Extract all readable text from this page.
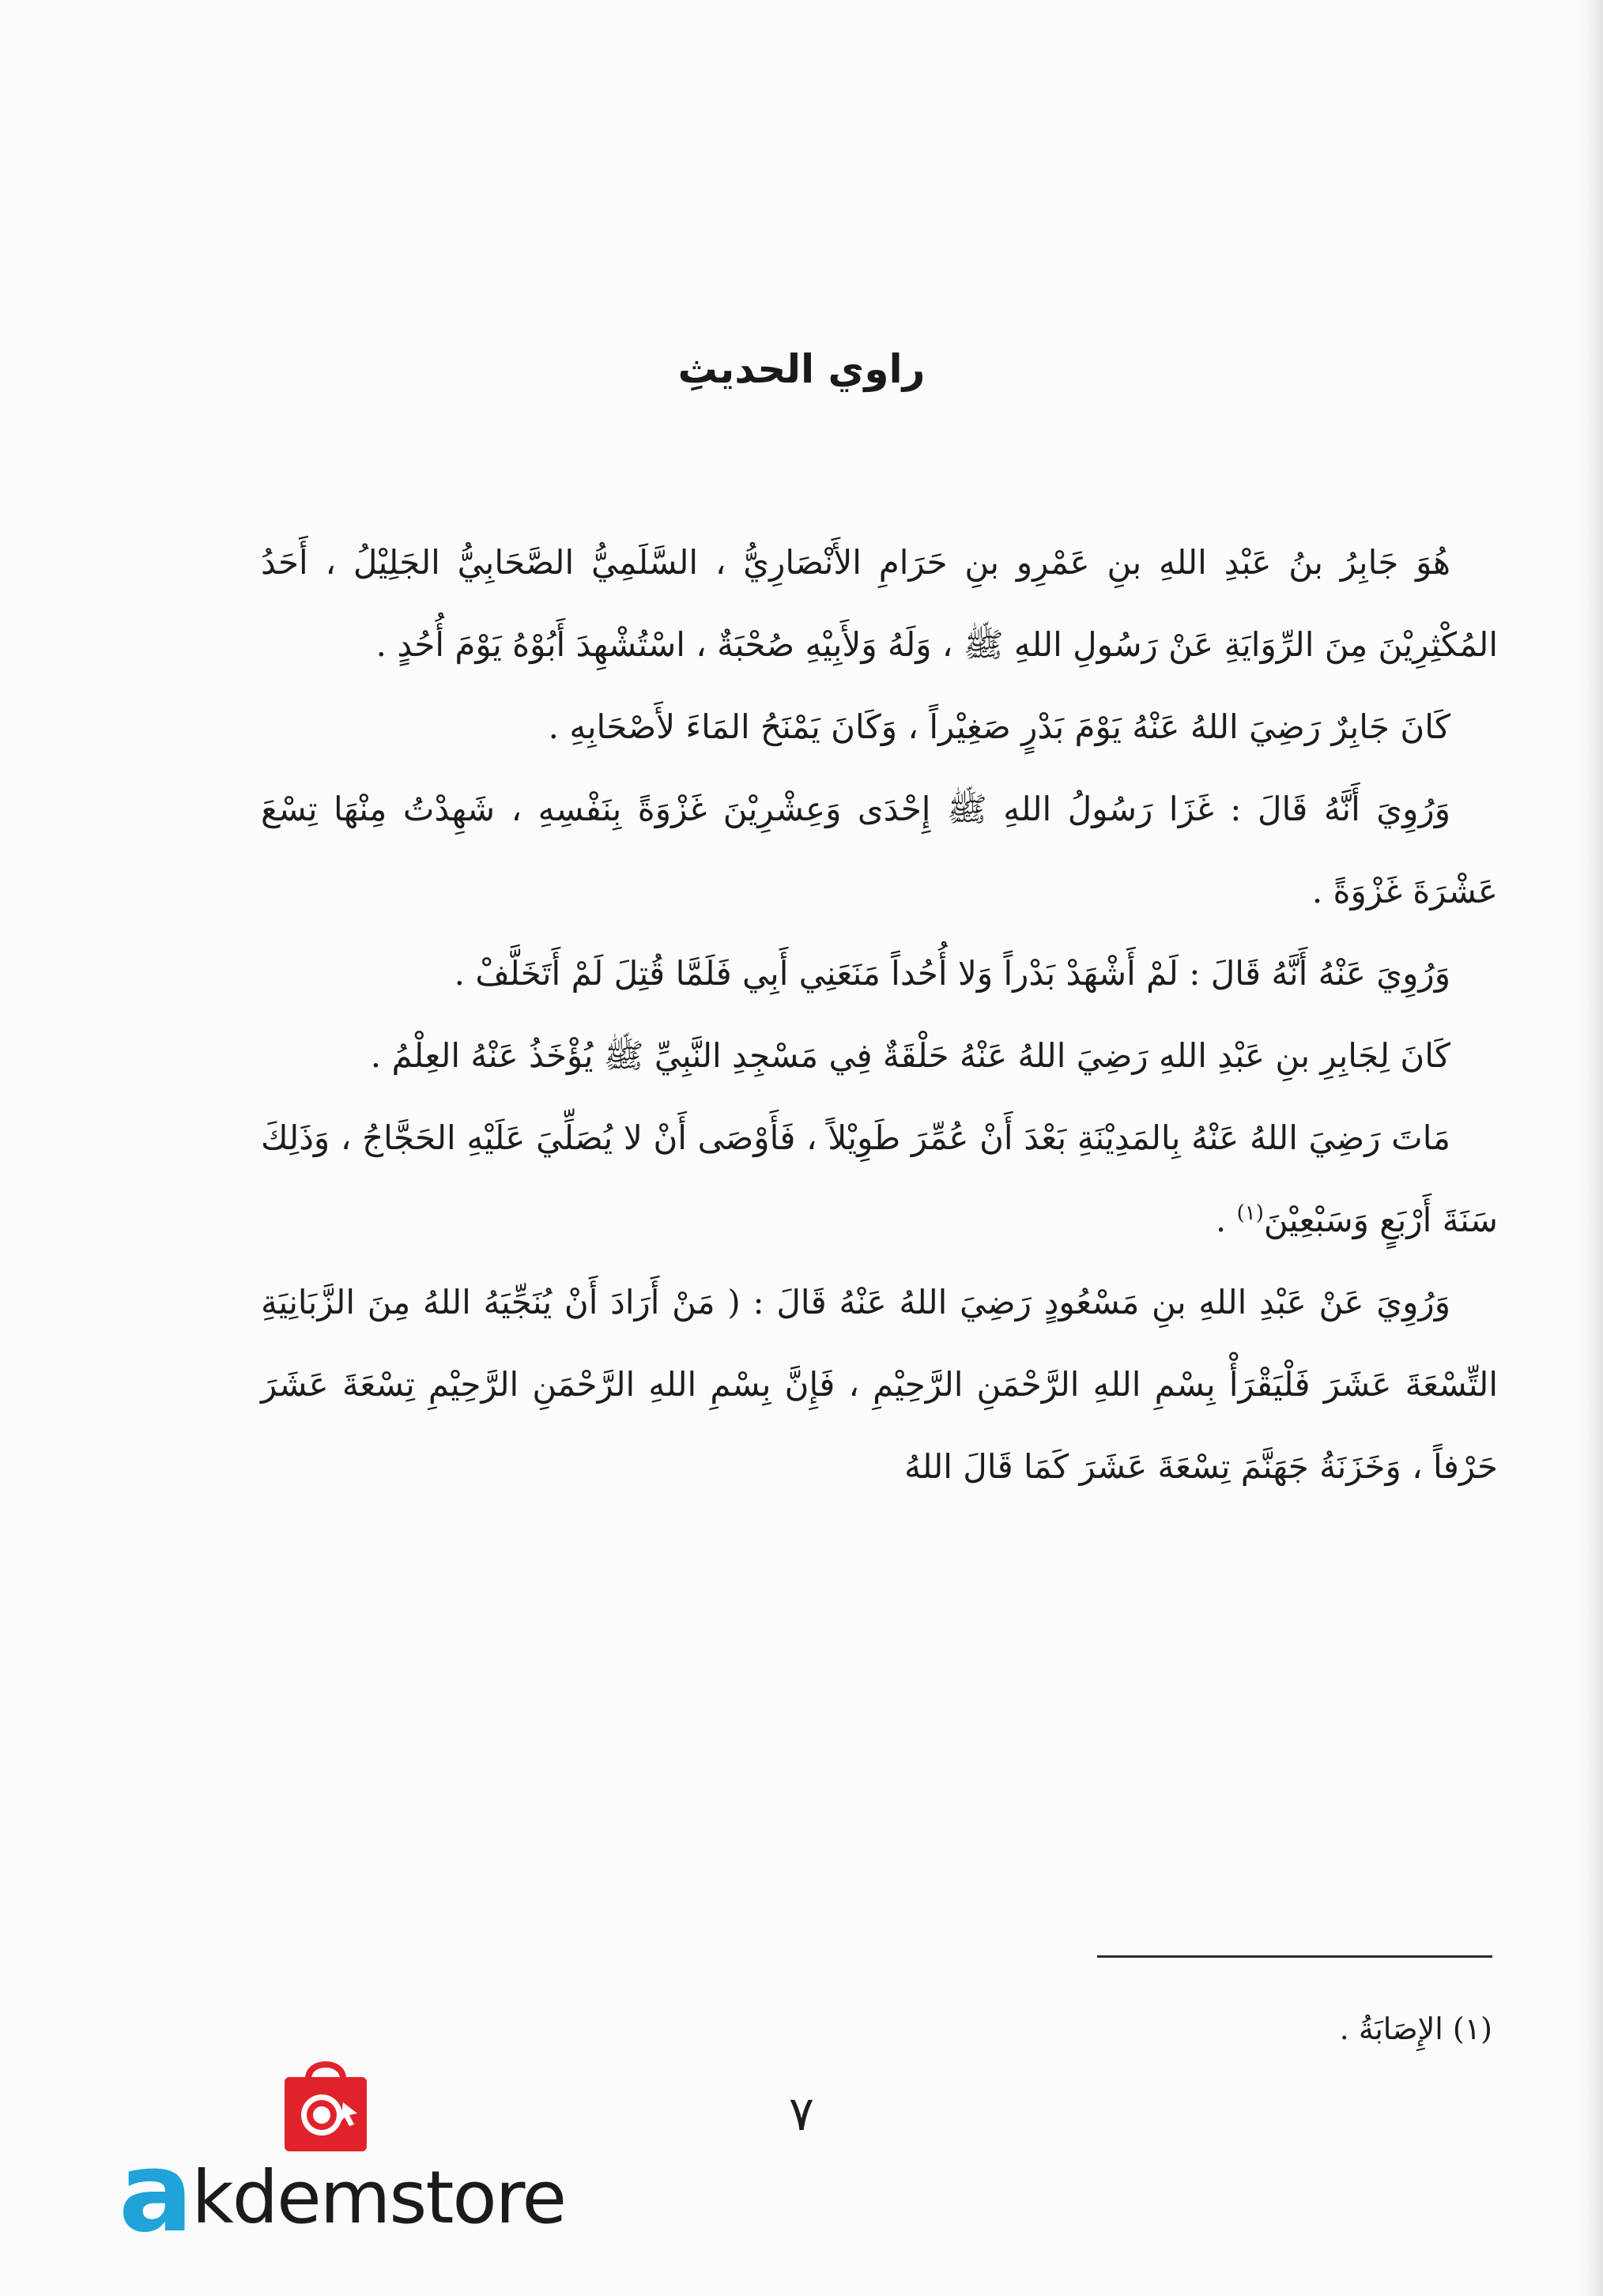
راوي الحديثِ

هُوَ جَابِرُ بنُ عَبْدِ اللهِ بنِ عَمْرِو بنِ حَرَامِ الأَنْصَارِيُّ ، السَّلَمِيُّ الصَّحَابِيُّ الجَلِيْلُ ، أَحَدُ المُكْثِرِيْنَ مِنَ الرِّوَايَةِ عَنْ رَسُولِ اللهِ ﷺ ، وَلَهُ وَلأَبِيْهِ صُحْبَةٌ ، اسْتُشْهِدَ أَبُوْهُ يَوْمَ أُحُدٍ .

كَانَ جَابِرٌ رَضِيَ اللهُ عَنْهُ يَوْمَ بَدْرٍ صَغِيْراً ، وَكَانَ يَمْنَحُ المَاءَ لأَصْحَابِهِ .

وَرُوِيَ أَنَّهُ قَالَ : غَزَا رَسُولُ اللهِ ﷺ إِحْدَى وَعِشْرِيْنَ غَزْوَةً بِنَفْسِهِ ، شَهِدْتُ مِنْهَا تِسْعَ عَشْرَةَ غَزْوَةً .

وَرُوِيَ عَنْهُ أَنَّهُ قَالَ : لَمْ أَشْهَدْ بَدْراً وَلا أُحُداً مَنَعَنِي أَبِي فَلَمَّا قُتِلَ لَمْ أَتَخَلَّفْ .

كَانَ لِجَابِرِ بنِ عَبْدِ اللهِ رَضِيَ اللهُ عَنْهُ حَلْقَةٌ فِي مَسْجِدِ النَّبِيِّ ﷺ يُؤْخَذُ عَنْهُ العِلْمُ .

مَاتَ رَضِيَ اللهُ عَنْهُ بِالمَدِيْنَةِ بَعْدَ أَنْ عُمِّرَ طَوِيْلاً ، فَأَوْصَى أَنْ لا يُصَلِّيَ عَلَيْهِ الحَجَّاجُ ، وَذَلِكَ سَنَةَ أَرْبَعٍ وَسَبْعِيْنَ$^{(١)}$ .

وَرُوِيَ عَنْ عَبْدِ اللهِ بنِ مَسْعُودٍ رَضِيَ اللهُ عَنْهُ قَالَ : ( مَنْ أَرَادَ أَنْ يُنَجِّيَهُ اللهُ مِنَ الزَّبَانِيَةِ التِّسْعَةَ عَشَرَ فَلْيَقْرَأْ بِسْمِ اللهِ الرَّحْمَنِ الرَّحِيْمِ ، فَإِنَّ بِسْمِ اللهِ الرَّحْمَنِ الرَّحِيْمِ تِسْعَةَ عَشَرَ حَرْفاً ، وَخَزَنَةُ جَهَنَّمَ تِسْعَةَ عَشَرَ كَمَا قَالَ اللهُ

(١) الإِصَابَةُ .
٧
akdemstore
